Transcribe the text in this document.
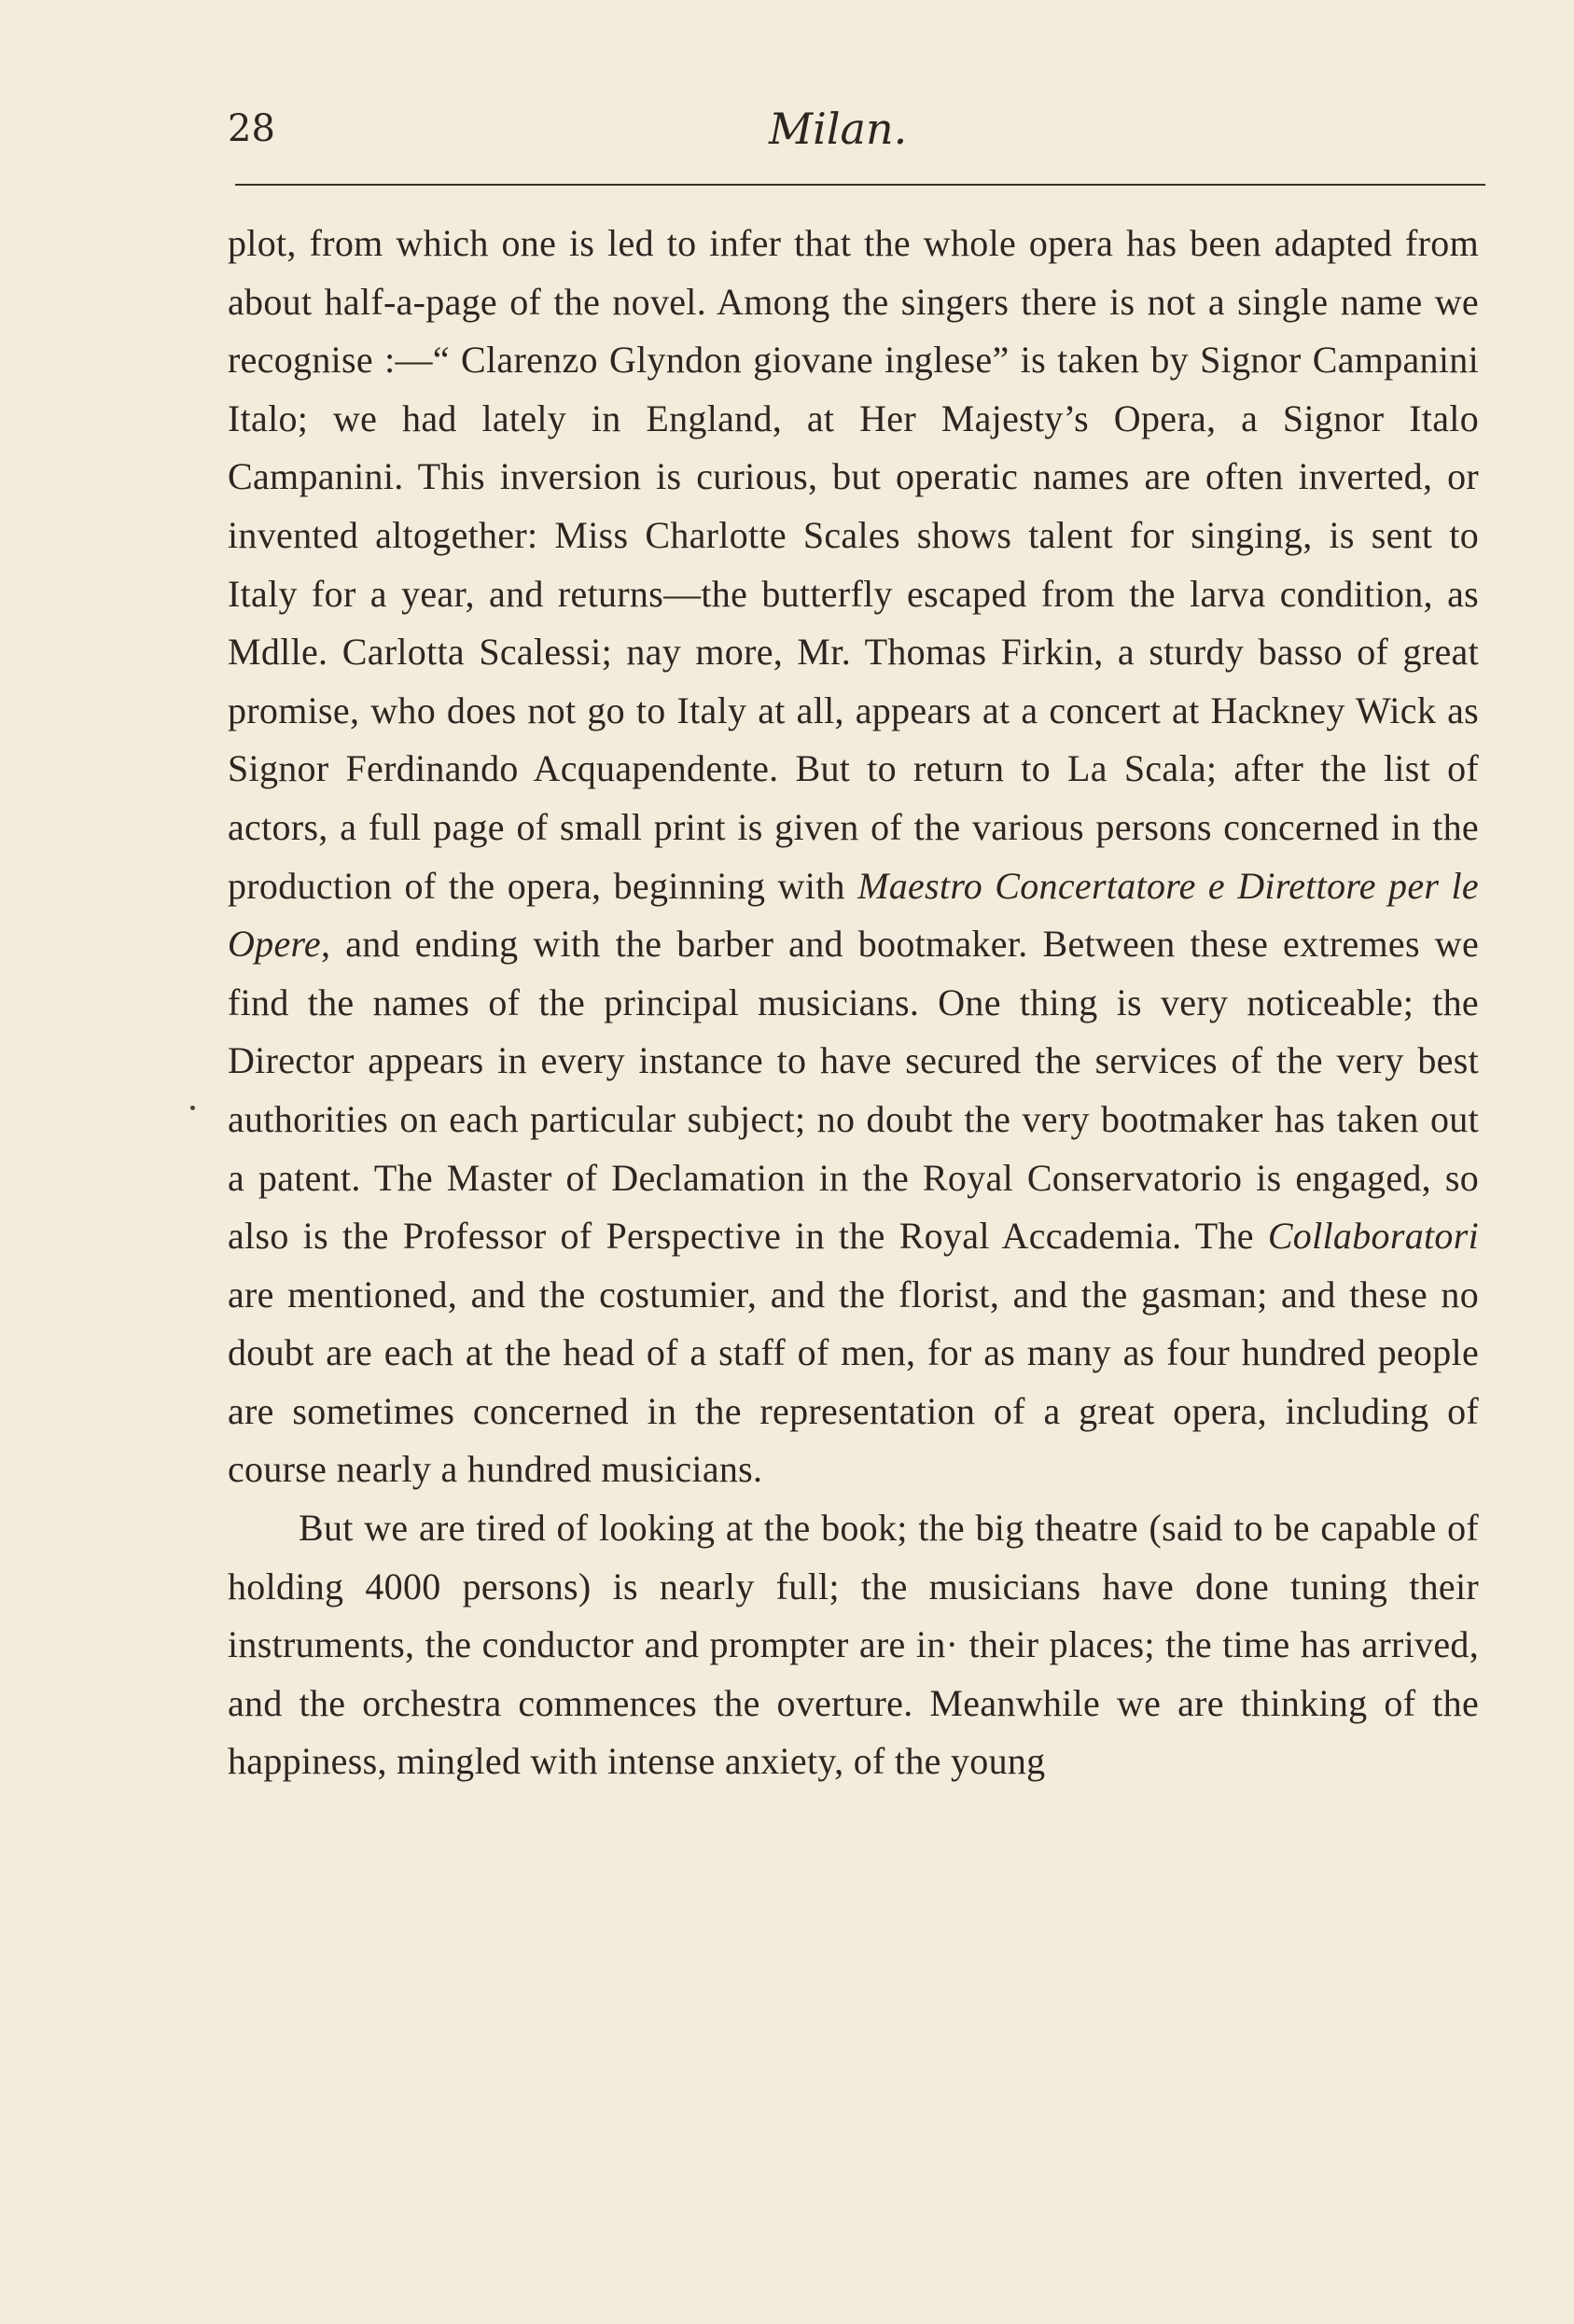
28	Milan.

plot, from which one is led to infer that the whole opera has been adapted from about half-a-page of the novel. Among the singers there is not a single name we recognise :—“ Clarenzo Glyndon giovane inglese” is taken by Signor Campanini Italo; we had lately in England, at Her Majesty’s Opera, a Signor Italo Campanini. This inversion is curious, but operatic names are often inverted, or invented altogether: Miss Charlotte Scales shows talent for singing, is sent to Italy for a year, and returns—the butterfly escaped from the larva condition, as Mdlle. Carlotta Scalessi; nay more, Mr. Thomas Firkin, a sturdy basso of great promise, who does not go to Italy at all, appears at a concert at Hackney Wick as Signor Ferdinando Acquapendente. But to return to La Scala; after the list of actors, a full page of small print is given of the various persons concerned in the production of the opera, beginning with Maestro Concertatore e Direttore per le Opere, and ending with the barber and bootmaker. Between these extremes we find the names of the principal musicians. One thing is very noticeable; the Director appears in every instance to have secured the services of the very best authorities on each particular subject; no doubt the very bootmaker has taken out a patent. The Master of Declamation in the Royal Conservatorio is engaged, so also is the Professor of Perspective in the Royal Accademia. The Collaboratori are mentioned, and the costumier, and the florist, and the gasman; and these no doubt are each at the head of a staff of men, for as many as four hundred people are sometimes concerned in the representation of a great opera, including of course nearly a hundred musicians.

But we are tired of looking at the book; the big theatre (said to be capable of holding 4000 persons) is nearly full; the musicians have done tuning their instruments, the conductor and prompter are in· their places; the time has arrived, and the orchestra commences the overture. Meanwhile we are thinking of the happiness, mingled with intense anxiety, of the young
